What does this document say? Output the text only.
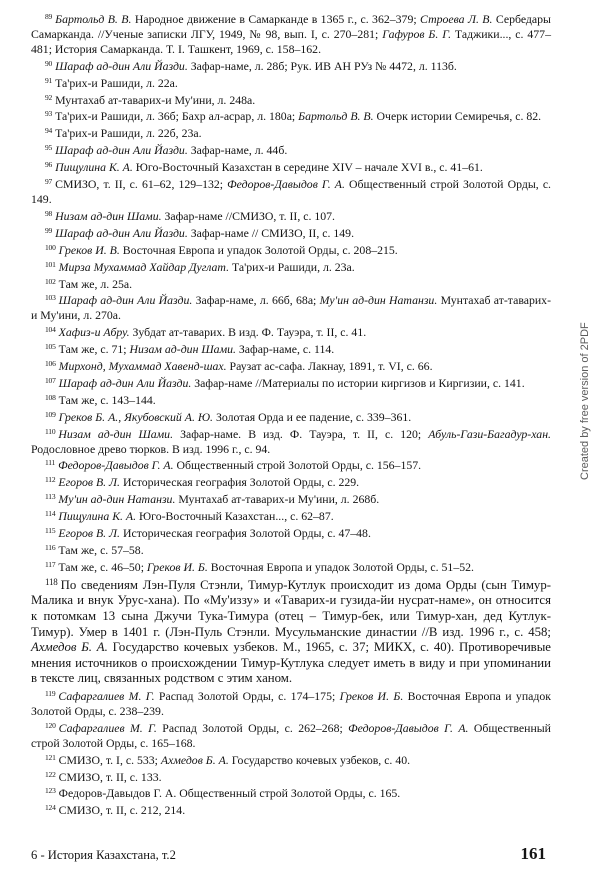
$^{89}$ Бартольд В. В. Народное движение в Самарканде в 1365 г., с. 362–379; Строева Л. В. Сербедары Самарканда. //Ученые записки ЛГУ, 1949, № 98, вып. I, с. 270–281; Гафуров Б. Г. Таджики..., с. 477–481; История Самарканда. Т. I. Ташкент, 1969, с. 158–162.

$^{90}$ Шараф ад-дин Али Йазди. Зафар-наме, л. 28б; Рук. ИВ АН РУз № 4472, л. 113б.

$^{91}$ Та'рих-и Рашиди, л. 22а.

$^{92}$ Мунтахаб ат-таварих-и Му'ини, л. 248а.

$^{93}$ Та'рих-и Рашиди, л. 36б; Бахр ал-асрар, л. 180а; Бартольд В. В. Очерк истории Семиречья, с. 82.

$^{94}$ Та'рих-и Рашиди, л. 22б, 23а.

$^{95}$ Шараф ад-дин Али Йазди. Зафар-наме, л. 44б.

$^{96}$ Пищулина К. А. Юго-Восточный Казахстан в середине XIV – начале XVI в., с. 41–61.

$^{97}$ СМИЗО, т. II, с. 61–62, 129–132; Федоров-Давыдов Г. А. Общественный строй Золотой Орды, с. 149.

$^{98}$ Низам ад-дин Шами. Зафар-наме //СМИЗО, т. II, с. 107.

$^{99}$ Шараф ад-дин Али Йазди. Зафар-наме // СМИЗО, II, с. 149.

$^{100}$ Греков И. В. Восточная Европа и упадок Золотой Орды, с. 208–215.

$^{101}$ Мирза Мухаммад Хайдар Дуглат. Та'рих-и Рашиди, л. 23а.

$^{102}$ Там же, л. 25а.

$^{103}$ Шараф ад-дин Али Йазди. Зафар-наме, л. 66б, 68а; Му'ин ад-дин Натанзи. Мунтахаб ат-таварих-и Му'ини, л. 270а.

$^{104}$ Хафиз-и Абру. Зубдат ат-таварих. В изд. Ф. Тауэра, т. II, с. 41.

$^{105}$ Там же, с. 71; Низам ад-дин Шами. Зафар-наме, с. 114.

$^{106}$ Мирхонд, Мухаммад Хавенд-шах. Раузат ас-сафа. Лакнау, 1891, т. VI, с. 66.

$^{107}$ Шараф ад-дин Али Йазди. Зафар-наме //Материалы по истории киргизов и Киргизии, с. 141.

$^{108}$ Там же, с. 143–144.

$^{109}$ Греков Б. А., Якубовский А. Ю. Золотая Орда и ее падение, с. 339–361.

$^{110}$ Низам ад-дин Шами. Зафар-наме. В изд. Ф. Тауэра, т. II, с. 120; Абуль-Гази-Багадур-хан. Родословное древо тюрков. В изд. 1996 г., с. 94.

$^{111}$ Федоров-Давыдов Г. А. Общественный строй Золотой Орды, с. 156–157.

$^{112}$ Егоров В. Л. Историческая география Золотой Орды, с. 229.

$^{113}$ Му'ин ад-дин Натанзи. Мунтахаб ат-таварих-и Му'ини, л. 268б.

$^{114}$ Пищулина К. А. Юго-Восточный Казахстан..., с. 62–87.

$^{115}$ Егоров В. Л. Историческая география Золотой Орды, с. 47–48.

$^{116}$ Там же, с. 57–58.

$^{117}$ Там же, с. 46–50; Греков И. Б. Восточная Европа и упадок Золотой Орды, с. 51–52.

$^{118}$ По сведениям Лэн-Пуля Стэнли, Тимур-Кутлук происходит из дома Орды (сын Тимур-Малика и внук Урус-хана). По «Му'иззу» и «Таварих-и гузида-йи нусрат-наме», он относится к потомкам 13 сына Джучи Тука-Тимура (отец – Тимур-бек, или Тимур-хан, дед Кутлук-Тимур). Умер в 1401 г. (Лэн-Пуль Стэнли. Мусульманские династии //В изд. 1996 г., с. 458; Ахмедов Б. А. Государство кочевых узбеков. М., 1965, с. 37; МИКХ, с. 40). Противоречивые мнения источников о происхождении Тимур-Кутлука следует иметь в виду и при упоминании в тексте лиц, связанных родством с этим ханом.

$^{119}$ Сафаргалиев М. Г. Распад Золотой Орды, с. 174–175; Греков И. Б. Восточная Европа и упадок Золотой Орды, с. 238–239.

$^{120}$ Сафаргалиев М. Г. Распад Золотой Орды, с. 262–268; Федоров-Давыдов Г. А. Общественный строй Золотой Орды, с. 165–168.

$^{121}$ СМИЗО, т. I, с. 533; Ахмедов Б. А. Государство кочевых узбеков, с. 40.

$^{122}$ СМИЗО, т. II, с. 133.

$^{123}$ Федоров-Давыдов Г. А. Общественный строй Золотой Орды, с. 165.

$^{124}$ СМИЗО, т. II, с. 212, 214.

6 - История Казахстана, т.2	161
Created by free version of 2PDF
